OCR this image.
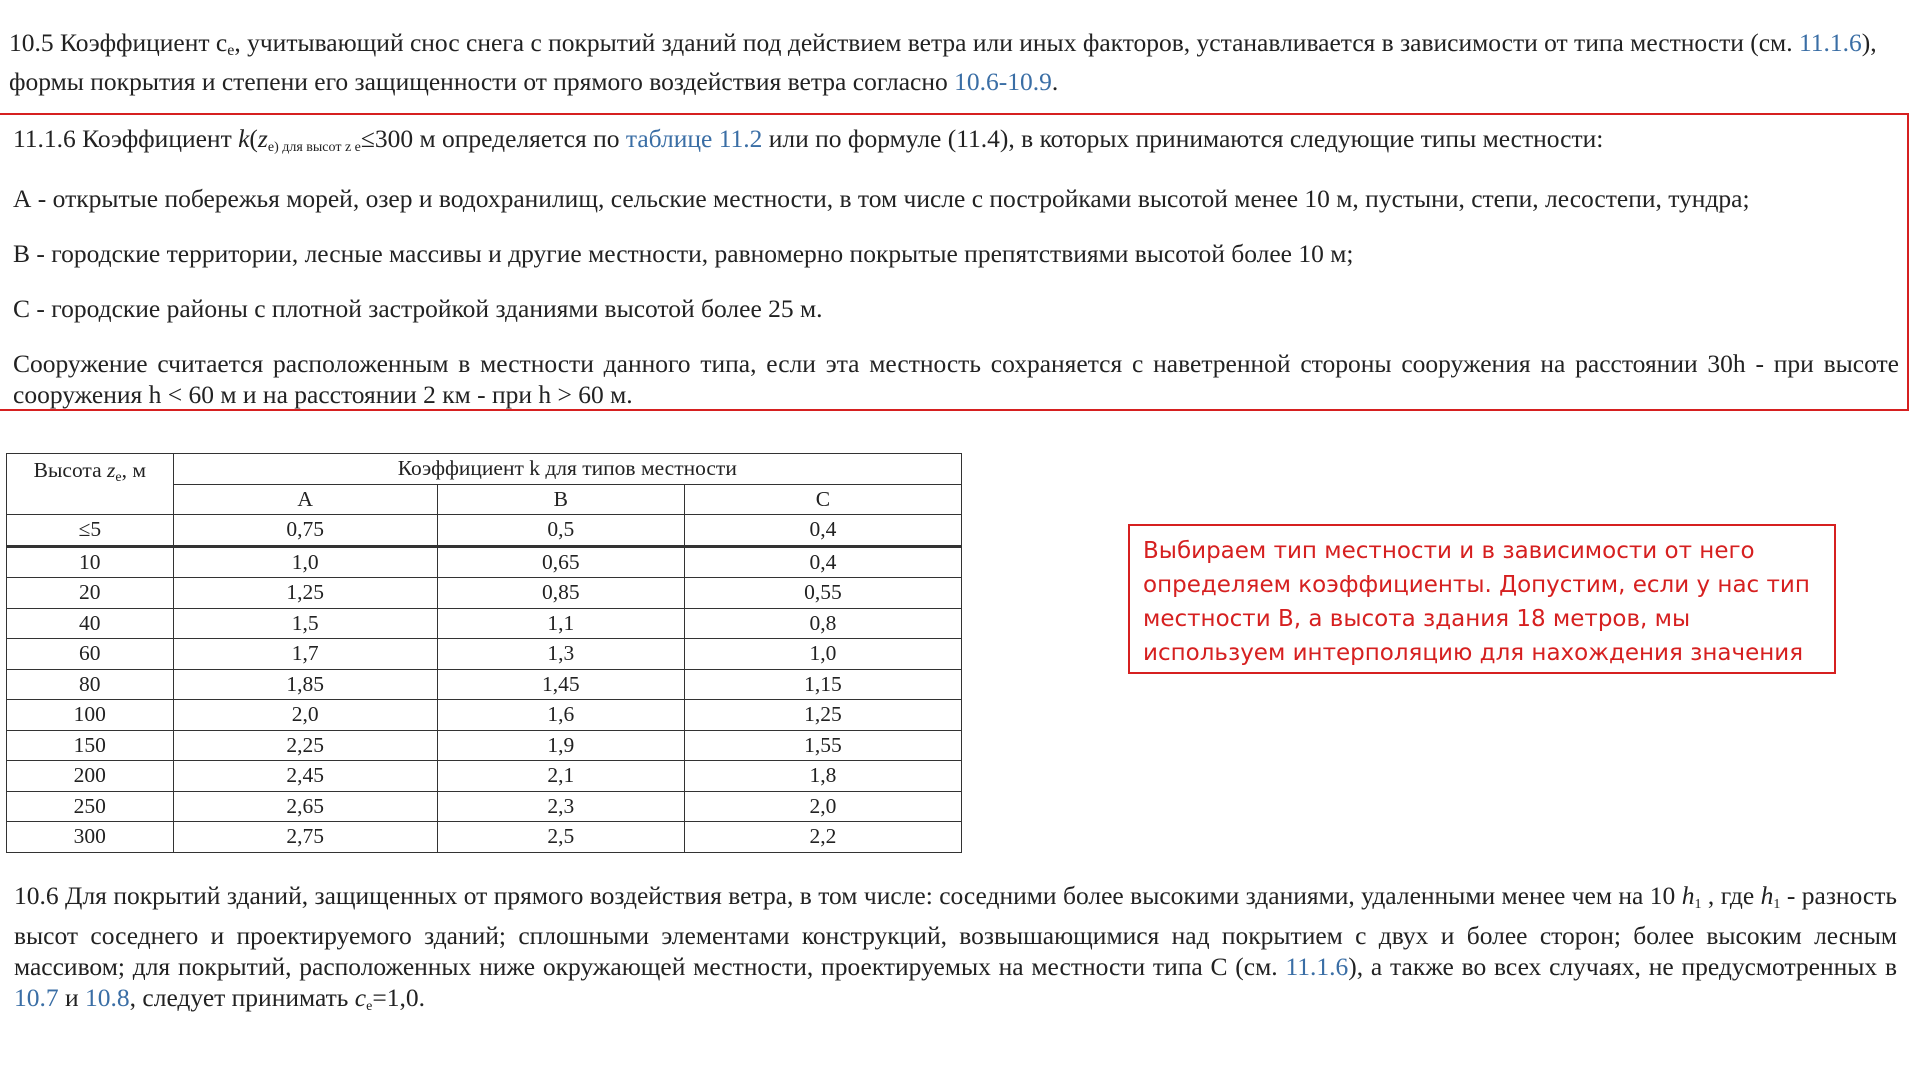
10.5 Коэффициент $с_е$, учитывающий снос снега с покрытий зданий под действием ветра или иных факторов, устанавливается в зависимости от типа местности (см. 11.1.6), формы покрытия и степени его защищенности от прямого воздействия ветра согласно 10.6-10.9.
11.1.6 Коэффициент $k(z_{е) для высот z е}\le 300$ м определяется по таблице 11.2 или по формуле (11.4), в которых принимаются следующие типы местности:
А - открытые побережья морей, озер и водохранилищ, сельские местности, в том числе с постройками высотой менее 10 м, пустыни, степи, лесостепи, тундра;
В - городские территории, лесные массивы и другие местности, равномерно покрытые препятствиями высотой более 10 м;
С - городские районы с плотной застройкой зданиями высотой более 25 м.
Сооружение считается расположенным в местности данного типа, если эта местность сохраняется с наветренной стороны сооружения на расстоянии 30h - при высоте сооружения h < 60 м и на расстоянии 2 км - при h > 60 м.
Высота $z_е$, м	Коэффициент k для типов местности		
	А	В	С
≤5	0,75	0,5	0,4
10	1,0	0,65	0,4
20	1,25	0,85	0,55
40	1,5	1,1	0,8
60	1,7	1,3	1,0
80	1,85	1,45	1,15
100	2,0	1,6	1,25
150	2,25	1,9	1,55
200	2,45	2,1	1,8
250	2,65	2,3	2,0
300	2,75	2,5	2,2
Выбираем тип местности и в зависимости от него определяем коэффициенты. Допустим, если у нас тип местности В, а высота здания 18 метров, мы используем интерполяцию для нахождения значения
10.6 Для покрытий зданий, защищенных от прямого воздействия ветра, в том числе: соседними более высокими зданиями, удаленными менее чем на 10 $h_1$ , где $h_1$ - разность высот соседнего и проектируемого зданий; сплошными элементами конструкций, возвышающимися над покрытием с двух и более сторон; более высоким лесным массивом; для покрытий, расположенных ниже окружающей местности, проектируемых на местности типа С (см. 11.1.6), а также во всех случаях, не предусмотренных в 10.7 и 10.8, следует принимать $c_е=1,0$.
